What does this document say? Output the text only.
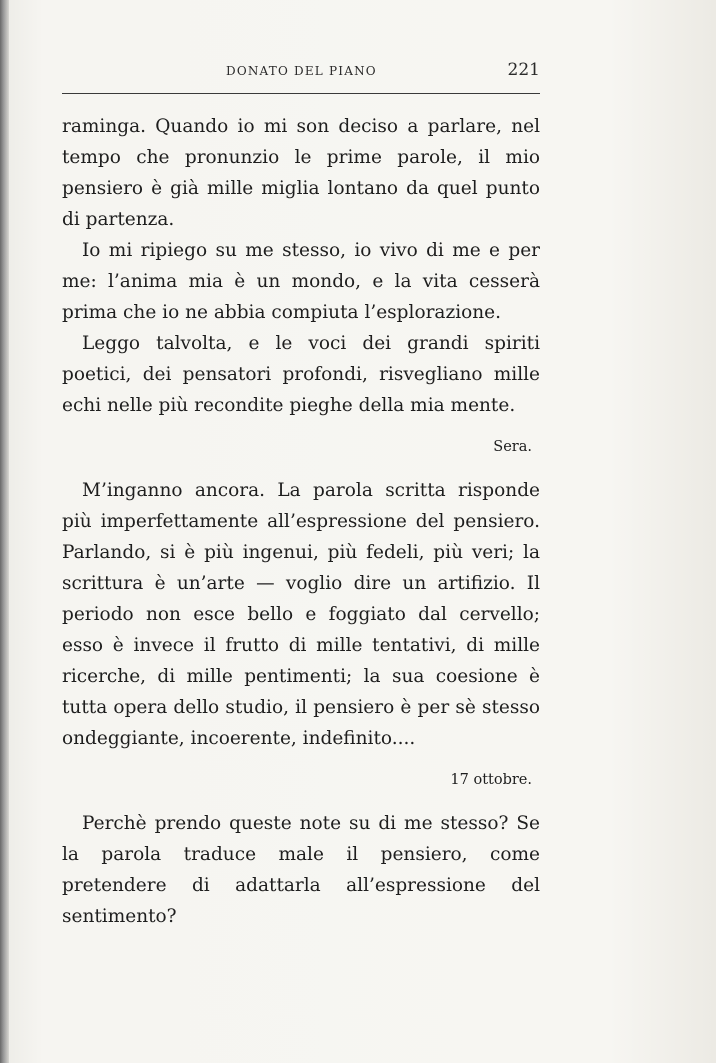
DONATO DEL PIANO	221

raminga. Quando io mi son deciso a parlare, nel tempo che pronunzio le prime parole, il mio pensiero è già mille miglia lontano da quel punto di partenza.

Io mi ripiego su me stesso, io vivo di me e per me: l’anima mia è un mondo, e la vita cesserà prima che io ne abbia compiuta l’esplorazione.

Leggo talvolta, e le voci dei grandi spiriti poetici, dei pensatori profondi, risvegliano mille echi nelle più recondite pieghe della mia mente.

Sera.

M’inganno ancora. La parola scritta risponde più imperfettamente all’espressione del pensiero. Parlando, si è più ingenui, più fedeli, più veri; la scrittura è un’arte — voglio dire un artifizio. Il periodo non esce bello e foggiato dal cervello; esso è invece il frutto di mille tentativi, di mille ricerche, di mille pentimenti; la sua coesione è tutta opera dello studio, il pensiero è per sè stesso ondeggiante, incoerente, indefinito....

17 ottobre.

Perchè prendo queste note su di me stesso? Se la parola traduce male il pensiero, come pretendere di adattarla all’espressione del sentimento?
